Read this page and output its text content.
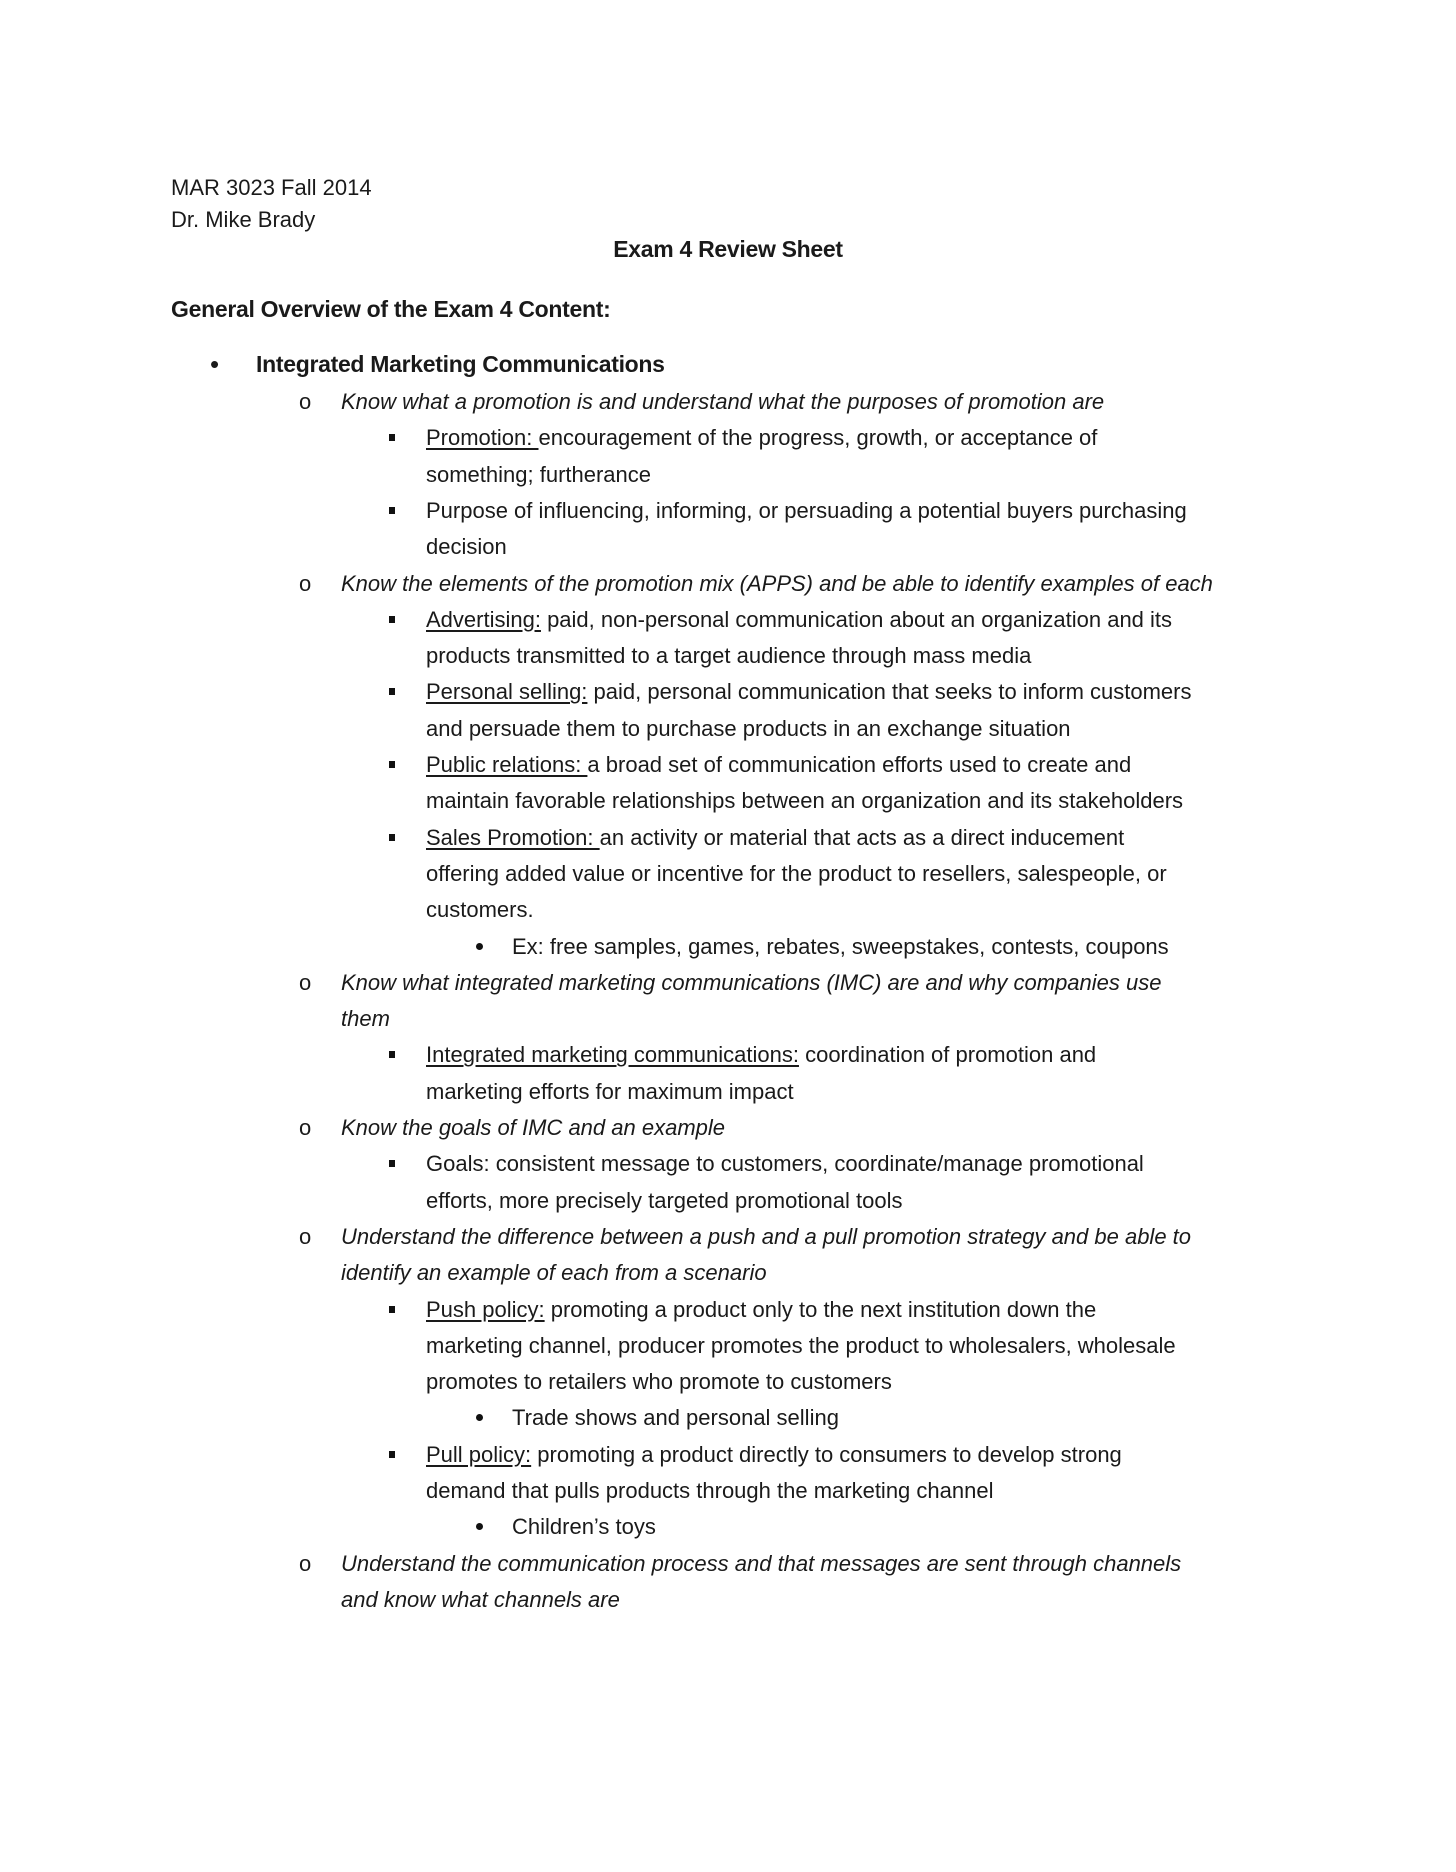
MAR 3023 Fall 2014
Dr. Mike Brady
Exam 4 Review Sheet
General Overview of the Exam 4 Content:
• Integrated Marketing Communications
o Know what a promotion is and understand what the purposes of promotion are
Promotion: encouragement of the progress, growth, or acceptance of
something; furtherance
Purpose of influencing, informing, or persuading a potential buyers purchasing
decision
o Know the elements of the promotion mix (APPS) and be able to identify examples of each
Advertising: paid, non-personal communication about an organization and its
products transmitted to a target audience through mass media
Personal selling: paid, personal communication that seeks to inform customers
and persuade them to purchase products in an exchange situation
Public relations: a broad set of communication efforts used to create and
maintain favorable relationships between an organization and its stakeholders
Sales Promotion: an activity or material that acts as a direct inducement
offering added value or incentive for the product to resellers, salespeople, or
customers.
Ex: free samples, games, rebates, sweepstakes, contests, coupons
o Know what integrated marketing communications (IMC) are and why companies use
them
Integrated marketing communications: coordination of promotion and
marketing efforts for maximum impact
o Know the goals of IMC and an example
Goals: consistent message to customers, coordinate/manage promotional
efforts, more precisely targeted promotional tools
o Understand the difference between a push and a pull promotion strategy and be able to
identify an example of each from a scenario
Push policy: promoting a product only to the next institution down the
marketing channel, producer promotes the product to wholesalers, wholesale
promotes to retailers who promote to customers
Trade shows and personal selling
Pull policy: promoting a product directly to consumers to develop strong
demand that pulls products through the marketing channel
Children’s toys
o Understand the communication process and that messages are sent through channels
and know what channels are
